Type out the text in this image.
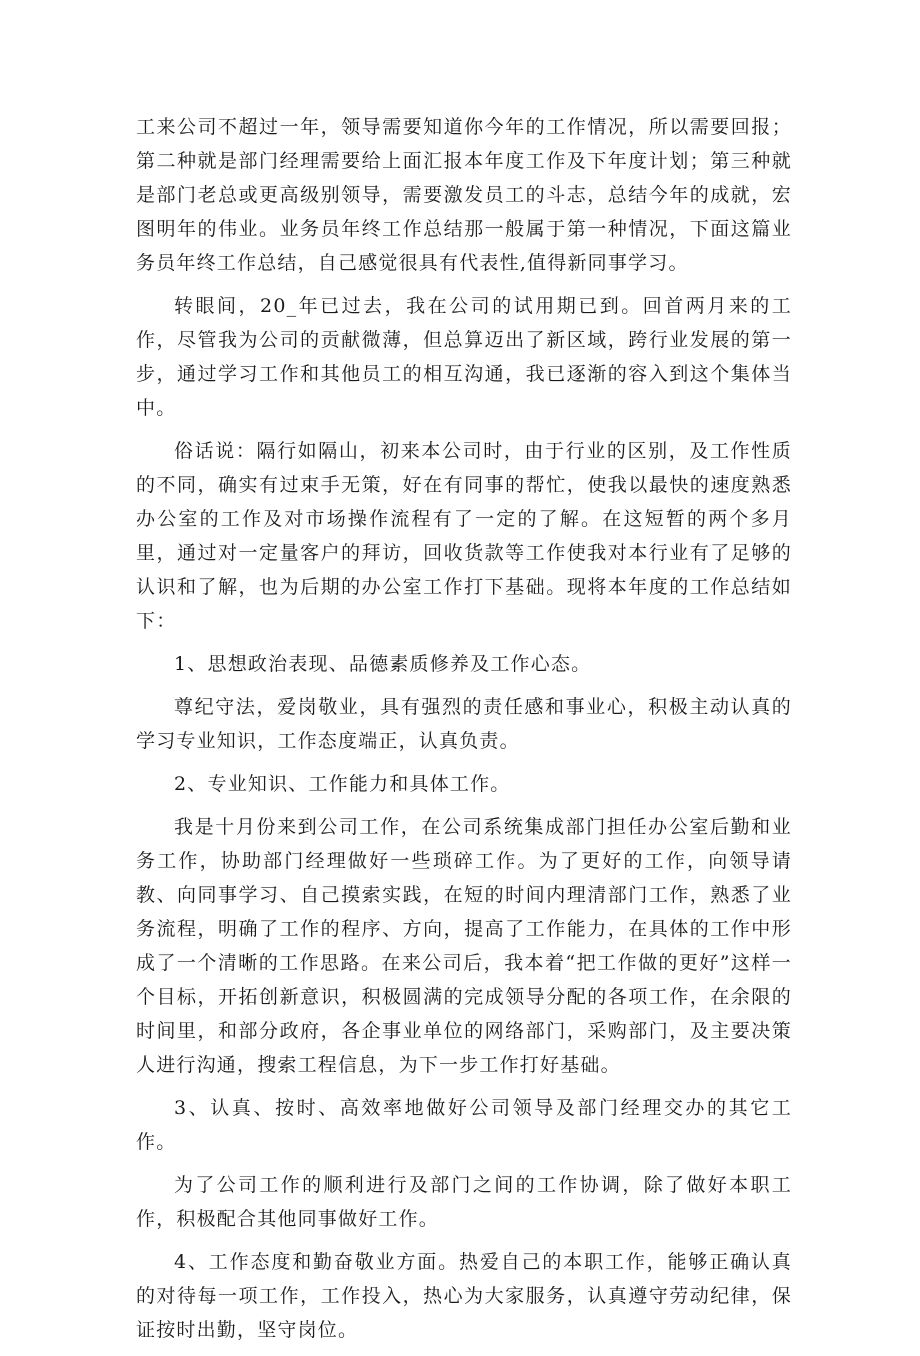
工来公司不超过一年，领导需要知道你今年的工作情况，所以需要回报；第二种就是部门经理需要给上面汇报本年度工作及下年度计划；第三种就是部门老总或更高级别领导，需要激发员工的斗志，总结今年的成就，宏图明年的伟业。业务员年终工作总结那一般属于第一种情况，下面这篇业务员年终工作总结，自己感觉很具有代表性,值得新同事学习。

转眼间，20_年已过去，我在公司的试用期已到。回首两月来的工作，尽管我为公司的贡献微薄，但总算迈出了新区域，跨行业发展的第一步，通过学习工作和其他员工的相互沟通，我已逐渐的容入到这个集体当中。

俗话说：隔行如隔山，初来本公司时，由于行业的区别，及工作性质的不同，确实有过束手无策，好在有同事的帮忙，使我以最快的速度熟悉办公室的工作及对市场操作流程有了一定的了解。在这短暂的两个多月里，通过对一定量客户的拜访，回收货款等工作使我对本行业有了足够的认识和了解，也为后期的办公室工作打下基础。现将本年度的工作总结如下：

1、思想政治表现、品德素质修养及工作心态。

尊纪守法，爱岗敬业，具有强烈的责任感和事业心，积极主动认真的学习专业知识，工作态度端正，认真负责。

2、专业知识、工作能力和具体工作。

我是十月份来到公司工作，在公司系统集成部门担任办公室后勤和业务工作，协助部门经理做好一些琐碎工作。为了更好的工作，向领导请教、向同事学习、自己摸索实践，在短的时间内理清部门工作，熟悉了业务流程，明确了工作的程序、方向，提高了工作能力，在具体的工作中形成了一个清晰的工作思路。在来公司后，我本着“把工作做的更好”这样一个目标，开拓创新意识，积极圆满的完成领导分配的各项工作，在余限的时间里，和部分政府，各企事业单位的网络部门，采购部门，及主要决策人进行沟通，搜索工程信息，为下一步工作打好基础。

3、认真、按时、高效率地做好公司领导及部门经理交办的其它工作。

为了公司工作的顺利进行及部门之间的工作协调，除了做好本职工作，积极配合其他同事做好工作。

4、工作态度和勤奋敬业方面。热爱自己的本职工作，能够正确认真的对待每一项工作，工作投入，热心为大家服务，认真遵守劳动纪律，保证按时出勤，坚守岗位。
